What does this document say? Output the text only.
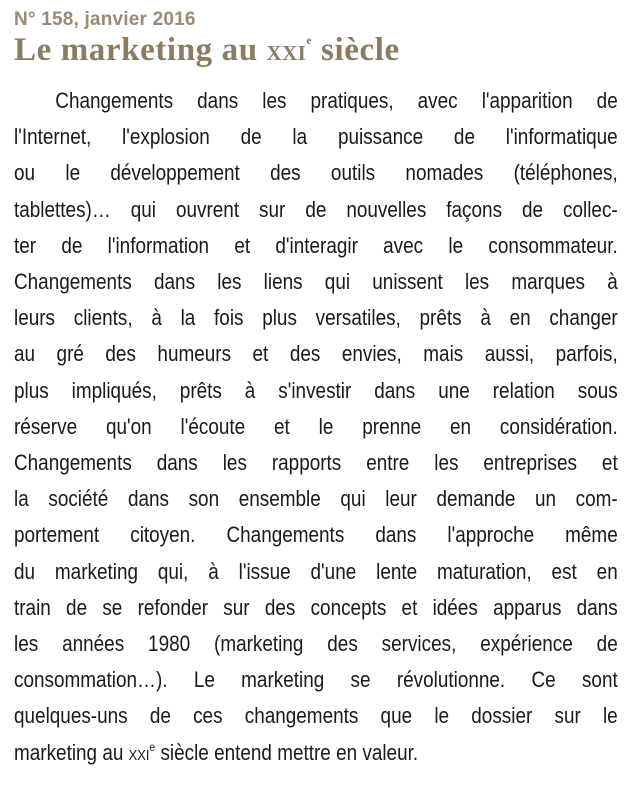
N° 158, janvier 2016

Le marketing au XXIe siècle
Changements dans les pratiques, avec l'apparition de
l'Internet, l'explosion de la puissance de l'informatique
ou le développement des outils nomades (téléphones,
tablettes)… qui ouvrent sur de nouvelles façons de collec-
ter de l'information et d'interagir avec le consommateur.
Changements dans les liens qui unissent les marques à
leurs clients, à la fois plus versatiles, prêts à en changer
au gré des humeurs et des envies, mais aussi, parfois,
plus impliqués, prêts à s'investir dans une relation sous
réserve qu'on l'écoute et le prenne en considération.
Changements dans les rapports entre les entreprises et
la société dans son ensemble qui leur demande un com-
portement citoyen. Changements dans l'approche même
du marketing qui, à l'issue d'une lente maturation, est en
train de se refonder sur des concepts et idées apparus dans
les années 1980 (marketing des services, expérience de
consommation…). Le marketing se révolutionne. Ce sont
quelques-uns de ces changements que le dossier sur le
marketing au XXIe siècle entend mettre en valeur.
